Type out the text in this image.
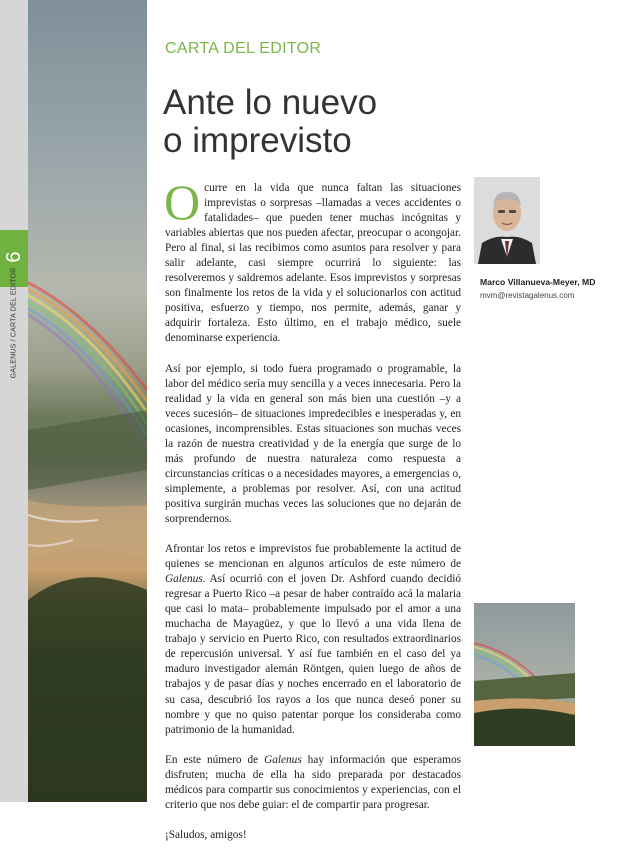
6
GALENUS / CARTA DEL EDITOR
CARTA DEL EDITOR
Ante lo nuevo
o imprevisto

Ocurre en la vida que nunca faltan las situaciones imprevistas o sorpresas –llamadas a veces accidentes o fatalidades– que pueden tener muchas incógnitas y variables abiertas que nos pueden afectar, preocupar o acongojar. Pero al final, si las recibimos como asuntos para resolver y para salir adelante, casi siempre ocurrirá lo siguiente: las resolveremos y saldremos adelante. Esos imprevistos y sorpresas son finalmente los retos de la vida y el solucionarlos con actitud positiva, esfuerzo y tiempo, nos permite, además, ganar y adquirir fortaleza. Esto último, en el trabajo médico, suele denominarse experiencia.

Así por ejemplo, si todo fuera programado o programable, la labor del médico sería muy sencilla y a veces innecesaria. Pero la realidad y la vida en general son más bien una cuestión –y a veces sucesión– de situaciones impredecibles e inesperadas y, en ocasiones, incomprensibles. Estas situaciones son muchas veces la razón de nuestra creatividad y de la energía que surge de lo más profundo de nuestra naturaleza como respuesta a circunstancias críticas o a necesidades mayores, a emergencias o, simplemente, a problemas por resolver. Así, con una actitud positiva surgirán muchas veces las soluciones que no dejarán de sorprendernos.

Afrontar los retos e imprevistos fue probablemente la actitud de quienes se mencionan en algunos artículos de este número de Galenus. Así ocurrió con el joven Dr. Ashford cuando decidió regresar a Puerto Rico –a pesar de haber contraído acá la malaria que casi lo mata– probablemente impulsado por el amor a una muchacha de Mayagüez, y que lo llevó a una vida llena de trabajo y servicio en Puerto Rico, con resultados extraordinarios de repercusión universal. Y así fue también en el caso del ya maduro investigador alemán Röntgen, quien luego de años de trabajos y de pasar días y noches encerrado en el laboratorio de su casa, descubrió los rayos a los que nunca deseó poner su nombre y que no quiso patentar porque los consideraba como patrimonio de la humanidad.

En este número de Galenus hay información que esperamos disfruten; mucha de ella ha sido preparada por destacados médicos para compartir sus conocimientos y experiencias, con el criterio que nos debe guiar: el de compartir para progresar.

¡Saludos, amigos!

Marco Villanueva-Meyer, MD
mvm@revistagalenus.com
